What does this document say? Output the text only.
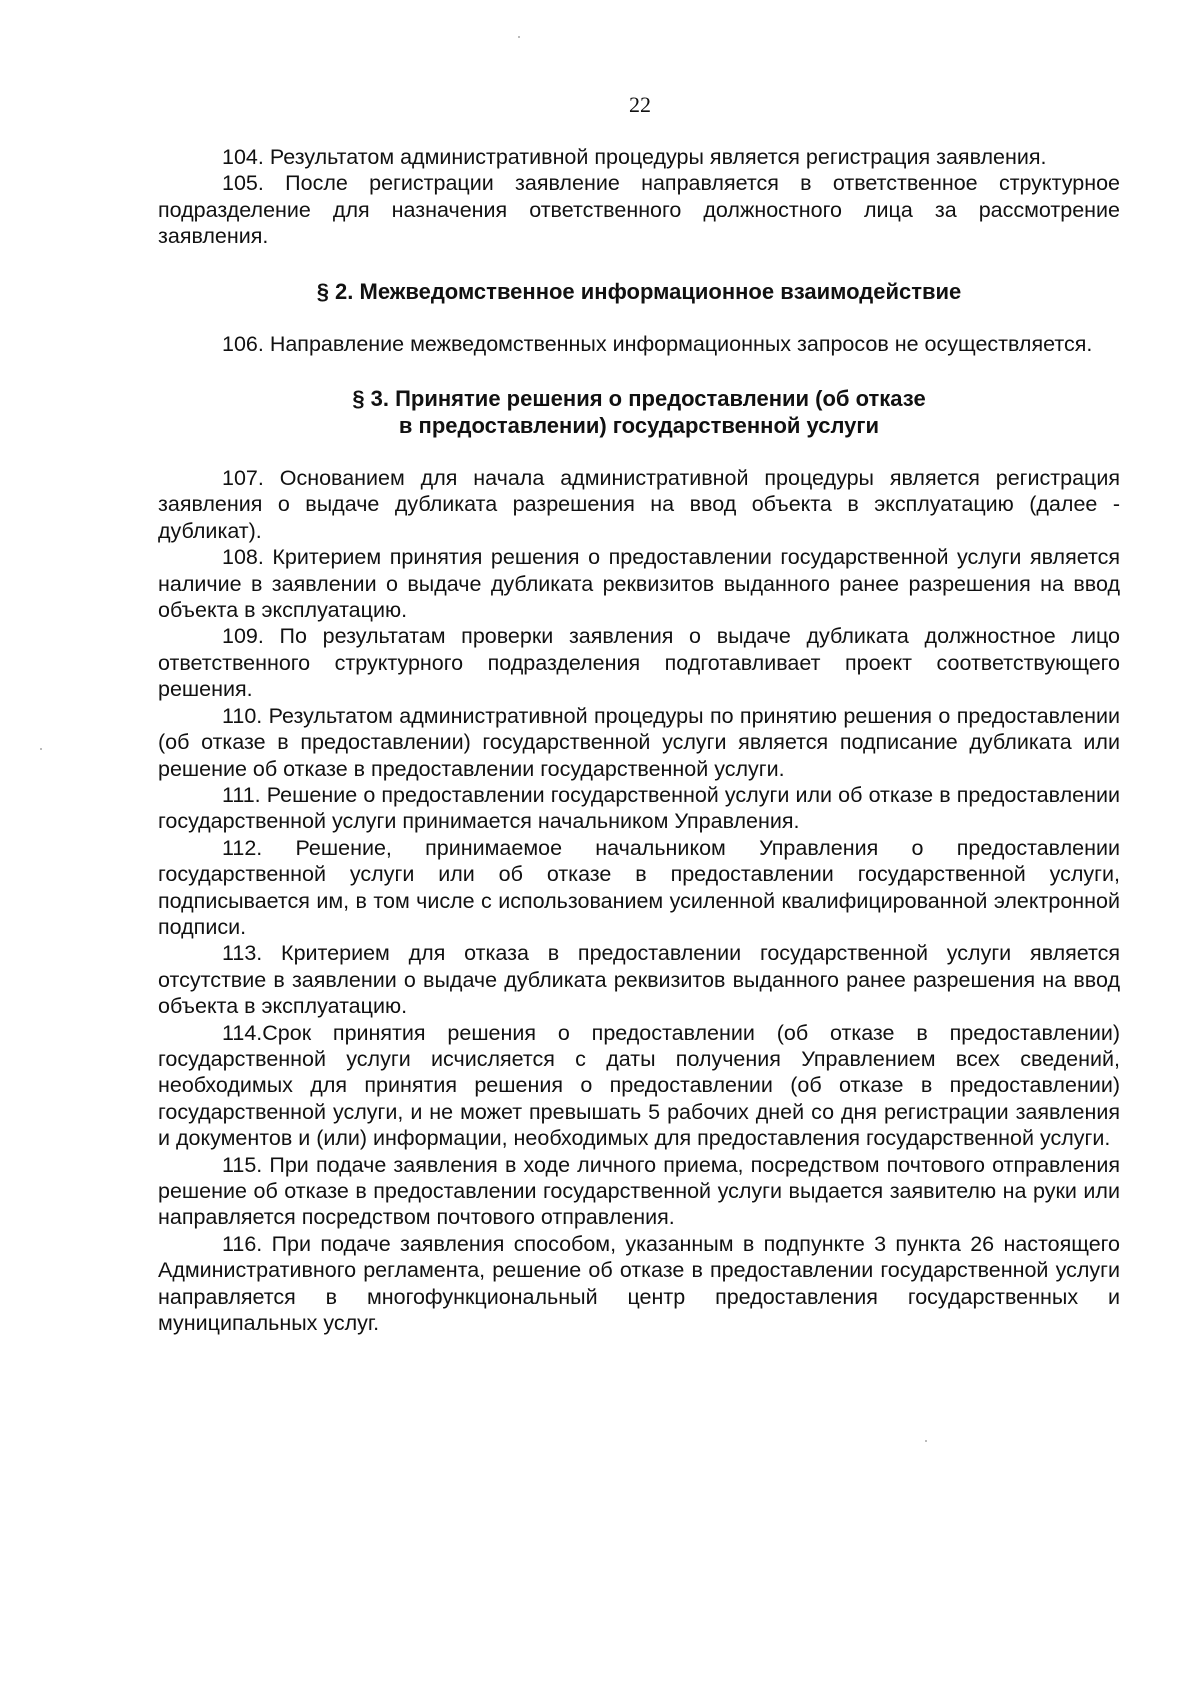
22

104. Результатом административной процедуры является регистрация заявления.

105. После регистрации заявление направляется в ответственное структурное подразделение для назначения ответственного должностного лица за рассмотрение заявления.

§ 2. Межведомственное информационное взаимодействие

106. Направление межведомственных информационных запросов не осуществляется.

§ 3. Принятие решения о предоставлении (об отказе

в предоставлении) государственной услуги

107. Основанием для начала административной процедуры является регистрация заявления о выдаче дубликата разрешения на ввод объекта в эксплуатацию (далее - дубликат).

108. Критерием принятия решения о предоставлении государственной услуги является наличие в заявлении о выдаче дубликата реквизитов выданного ранее разрешения на ввод объекта в эксплуатацию.

109. По результатам проверки заявления о выдаче дубликата должностное лицо ответственного структурного подразделения подготавливает проект соответствующего решения.

110. Результатом административной процедуры по принятию решения о предоставлении (об отказе в предоставлении) государственной услуги является подписание дубликата или решение об отказе в предоставлении государственной услуги.

111. Решение о предоставлении государственной услуги или об отказе в предоставлении государственной услуги принимается начальником Управления.

112. Решение, принимаемое начальником Управления о предоставлении государственной услуги или об отказе в предоставлении государственной услуги, подписывается им, в том числе с использованием усиленной квалифицированной электронной подписи.

113. Критерием для отказа в предоставлении государственной услуги является отсутствие в заявлении о выдаче дубликата реквизитов выданного ранее разрешения на ввод объекта в эксплуатацию.

114.Срок принятия решения о предоставлении (об отказе в предоставлении) государственной услуги исчисляется с даты получения Управлением всех сведений, необходимых для принятия решения о предоставлении (об отказе в предоставлении) государственной услуги, и не может превышать 5 рабочих дней со дня регистрации заявления и документов и (или) информации, необходимых для предоставления государственной услуги.

115. При подаче заявления в ходе личного приема, посредством почтового отправления решение об отказе в предоставлении государственной услуги выдается заявителю на руки или направляется посредством почтового отправления.

116. При подаче заявления способом, указанным в подпункте 3 пункта 26 настоящего Административного регламента, решение об отказе в предоставлении государственной услуги направляется в многофункциональный центр предоставления государственных и муниципальных услуг.
